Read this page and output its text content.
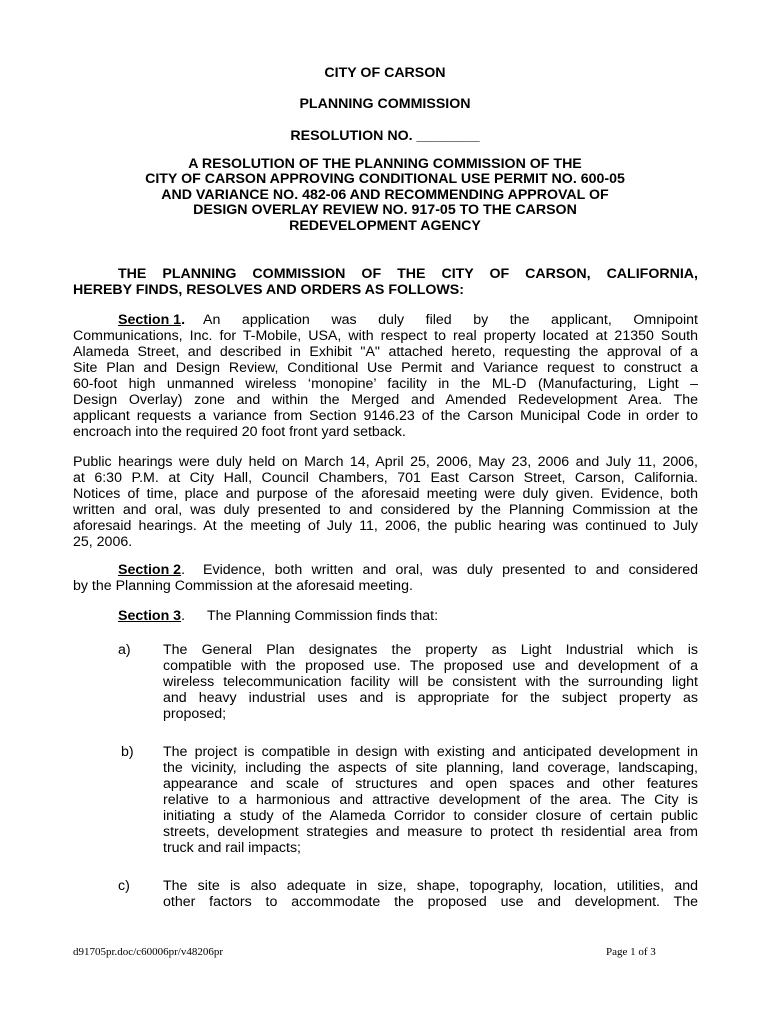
CITY OF CARSON
PLANNING COMMISSION
RESOLUTION NO. ________
A RESOLUTION OF THE PLANNING COMMISSION OF THE
CITY OF CARSON APPROVING CONDITIONAL USE PERMIT NO. 600-05
AND VARIANCE NO. 482-06 AND RECOMMENDING APPROVAL OF
DESIGN OVERLAY REVIEW NO. 917-05 TO THE CARSON
REDEVELOPMENT AGENCY
THE PLANNING COMMISSION OF THE CITY OF CARSON, CALIFORNIA,
HEREBY FINDS, RESOLVES AND ORDERS AS FOLLOWS:
Section 1. An application was duly filed by the applicant, Omnipoint
Communications, Inc. for T-Mobile, USA, with respect to real property located at 21350 South
Alameda Street, and described in Exhibit "A" attached hereto, requesting the approval of a
Site Plan and Design Review, Conditional Use Permit and Variance request to construct a
60-foot high unmanned wireless ‘monopine’ facility in the ML-D (Manufacturing, Light –
Design Overlay) zone and within the Merged and Amended Redevelopment Area. The
applicant requests a variance from Section 9146.23 of the Carson Municipal Code in order to
encroach into the required 20 foot front yard setback.
Public hearings were duly held on March 14, April 25, 2006, May 23, 2006 and July 11, 2006,
at 6:30 P.M. at City Hall, Council Chambers, 701 East Carson Street, Carson, California.
Notices of time, place and purpose of the aforesaid meeting were duly given. Evidence, both
written and oral, was duly presented to and considered by the Planning Commission at the
aforesaid hearings. At the meeting of July 11, 2006, the public hearing was continued to July
25, 2006.
Section 2. Evidence, both written and oral, was duly presented to and considered
by the Planning Commission at the aforesaid meeting.
Section 3. The Planning Commission finds that:
a)	The General Plan designates the property as Light Industrial which is
compatible with the proposed use. The proposed use and development of a
wireless telecommunication facility will be consistent with the surrounding light
and heavy industrial uses and is appropriate for the subject property as
proposed;
b)	The project is compatible in design with existing and anticipated development in
the vicinity, including the aspects of site planning, land coverage, landscaping,
appearance and scale of structures and open spaces and other features
relative to a harmonious and attractive development of the area. The City is
initiating a study of the Alameda Corridor to consider closure of certain public
streets, development strategies and measure to protect th residential area from
truck and rail impacts;
c)	The site is also adequate in size, shape, topography, location, utilities, and
other factors to accommodate the proposed use and development. The
d91705pr.doc/c60006pr/v48206pr	Page 1 of 3
